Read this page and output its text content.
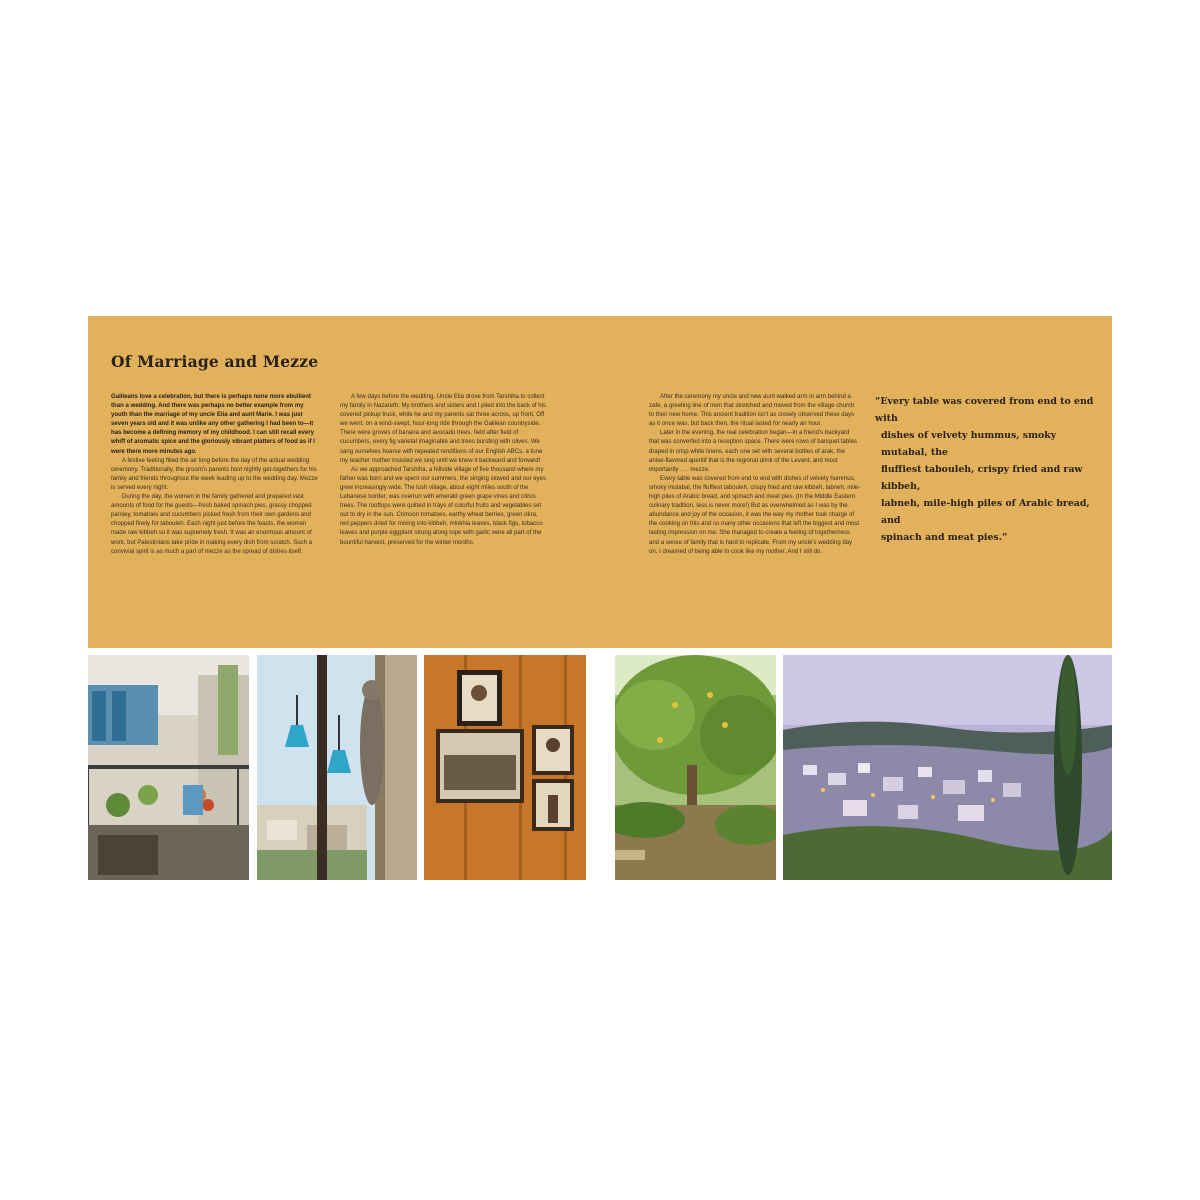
Of Marriage and Mezze

Galileans love a celebration, but there is perhaps none more ebullient than a wedding. And there was perhaps no better example from my youth than the marriage of my uncle Elia and aunt Marie. I was just seven years old and it was unlike any other gathering I had been to—it has become a defining memory of my childhood. I can still recall every whiff of aromatic spice and the gloriously vibrant platters of food as if I were there more minutes ago.

A festive feeling filled the air long before the day of the actual wedding ceremony. Traditionally, the groom's parents host nightly get-togethers for his family and friends throughout the week leading up to the wedding day. Mezze is served every night.

During the day, the women in the family gathered and prepared vast amounts of food for the guests—fresh baked spinach pies, grassy chopped parsley, tomatoes and cucumbers picked fresh from their own gardens and chopped finely for tabouleh. Each night just before the feasts, the women made raw kibbeh so it was supremely fresh. It was an enormous amount of work, but Palestinians take pride in making every dish from scratch. Such a convivial spirit is as much a part of mezze as the spread of dishes itself.

A few days before the wedding, Uncle Elia drove from Tarshiha to collect my family in Nazareth. My brothers and sisters and I piled into the back of his covered pickup truck, while he and my parents sat three across, up front. Off we went, on a wind-swept, hour-long ride through the Galilean countryside. There were groves of banana and avocado trees, field after field of cucumbers, every fig varietal imaginable and trees bursting with olives. We sang ourselves hoarse with repeated renditions of our English ABCs, a tune my teacher mother insisted we sing until we knew it backward and forward!

As we approached Tarshiha, a hillside village of five thousand where my father was born and we spent our summers, the singing slowed and our eyes grew increasingly wide. The lush village, about eight miles south of the Lebanese border, was overrun with emerald green grape vines and citrus trees. The rooftops were quilted in trays of colorful fruits and vegetables set out to dry in the sun. Crimson tomatoes, earthy wheat berries, green okra, red peppers dried for mixing into kibbeh, mlokhia leaves, black figs, tobacco leaves and purple eggplant strung along rope with garlic were all part of the bountiful harvest, preserved for the winter months.

After the ceremony my uncle and new aunt walked arm in arm behind a zafe, a greeting line of men that stretched and moved from the village church to their new home. This ancient tradition isn't as closely observed these days as it once was, but back then, the ritual lasted for nearly an hour.

Later in the evening, the real celebration began—in a friend's backyard that was converted into a reception space. There were rows of banquet tables draped in crisp white linens, each one set with several bottles of arak, the anise-flavored aperitif that is the regional drink of the Levant, and most importantly . . . mezze.

Every table was covered from end to end with dishes of velvety hummus, smoky mutabal, the fluffiest tabouleh, crispy fried and raw kibbeh, labneh, mile-high piles of Arabic bread, and spinach and meat pies. (In the Middle Eastern culinary tradition, less is never more!) But as overwhelmed as I was by the abundance and joy of the occasion, it was the way my mother took charge of the cooking on this and so many other occasions that left the biggest and most lasting impression on me. She managed to create a feeling of togetherness and a sense of family that is hard to replicate. From my uncle's wedding day on, I dreamed of being able to cook like my mother. And I still do.

“Every table was covered from end to end with
dishes of velvety hummus, smoky mutabal, the
fluffiest tabouleh, crispy fried and raw kibbeh,
labneh, mile-high piles of Arabic bread, and
spinach and meat pies.”
